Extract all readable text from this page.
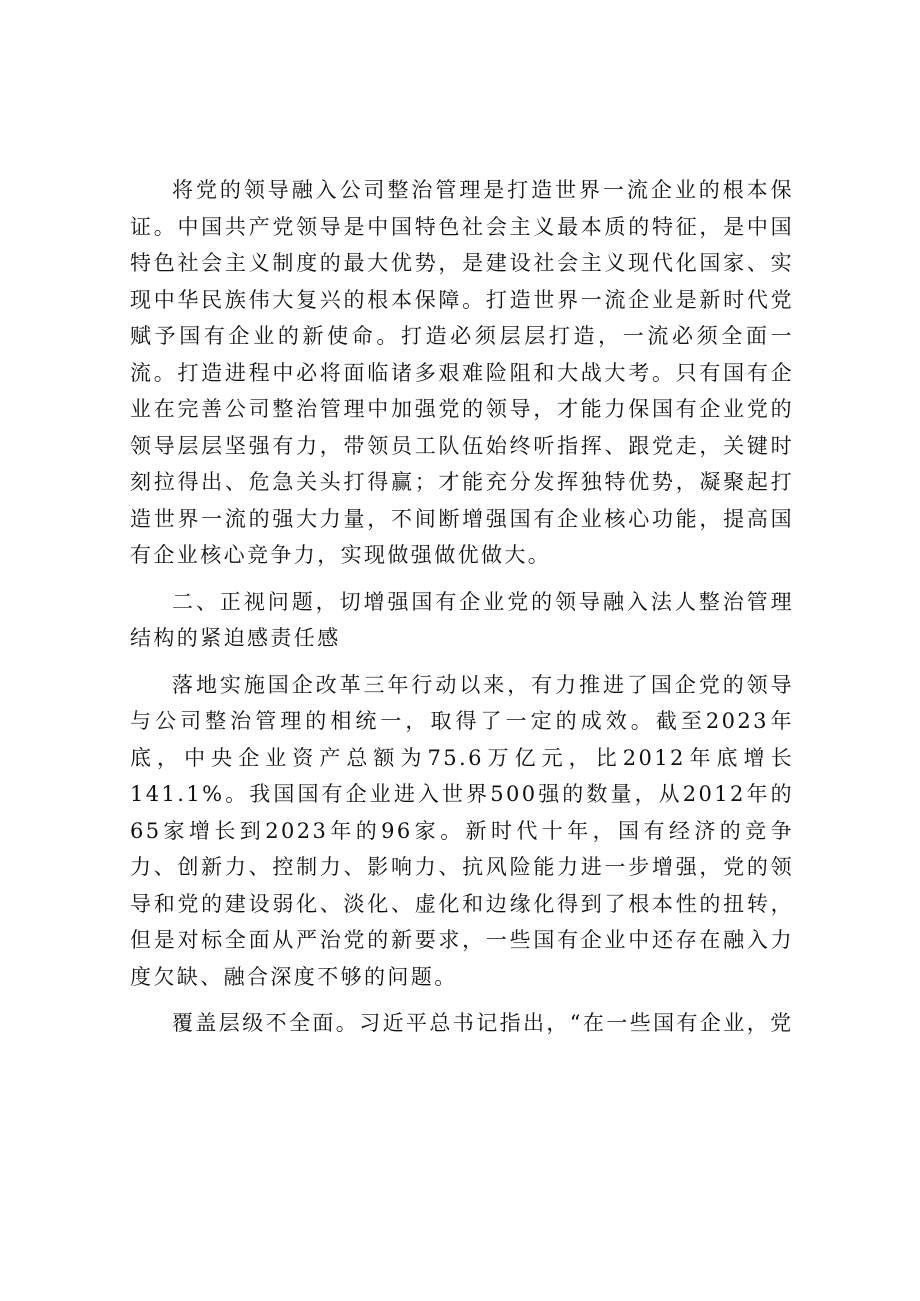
将党的领导融入公司整治管理是打造世界一流企业的根本保证。中国共产党领导是中国特色社会主义最本质的特征，是中国特色社会主义制度的最大优势，是建设社会主义现代化国家、实现中华民族伟大复兴的根本保障。打造世界一流企业是新时代党赋予国有企业的新使命。打造必须层层打造，一流必须全面一流。打造进程中必将面临诸多艰难险阻和大战大考。只有国有企业在完善公司整治管理中加强党的领导，才能力保国有企业党的领导层层坚强有力，带领员工队伍始终听指挥、跟党走，关键时刻拉得出、危急关头打得赢；才能充分发挥独特优势，凝聚起打造世界一流的强大力量，不间断增强国有企业核心功能，提高国有企业核心竞争力，实现做强做优做大。

二、正视问题，切增强国有企业党的领导融入法人整治管理结构的紧迫感责任感

落地实施国企改革三年行动以来，有力推进了国企党的领导与公司整治管理的相统一，取得了一定的成效。截至2023年底，中央企业资产总额为75.6万亿元，比2012年底增长141.1%。我国国有企业进入世界500强的数量，从2012年的65家增长到2023年的96家。新时代十年，国有经济的竞争力、创新力、控制力、影响力、抗风险能力进一步增强，党的领导和党的建设弱化、淡化、虚化和边缘化得到了根本性的扭转，但是对标全面从严治党的新要求，一些国有企业中还存在融入力度欠缺、融合深度不够的问题。

覆盖层级不全面。习近平总书记指出，“在一些国有企业，党
